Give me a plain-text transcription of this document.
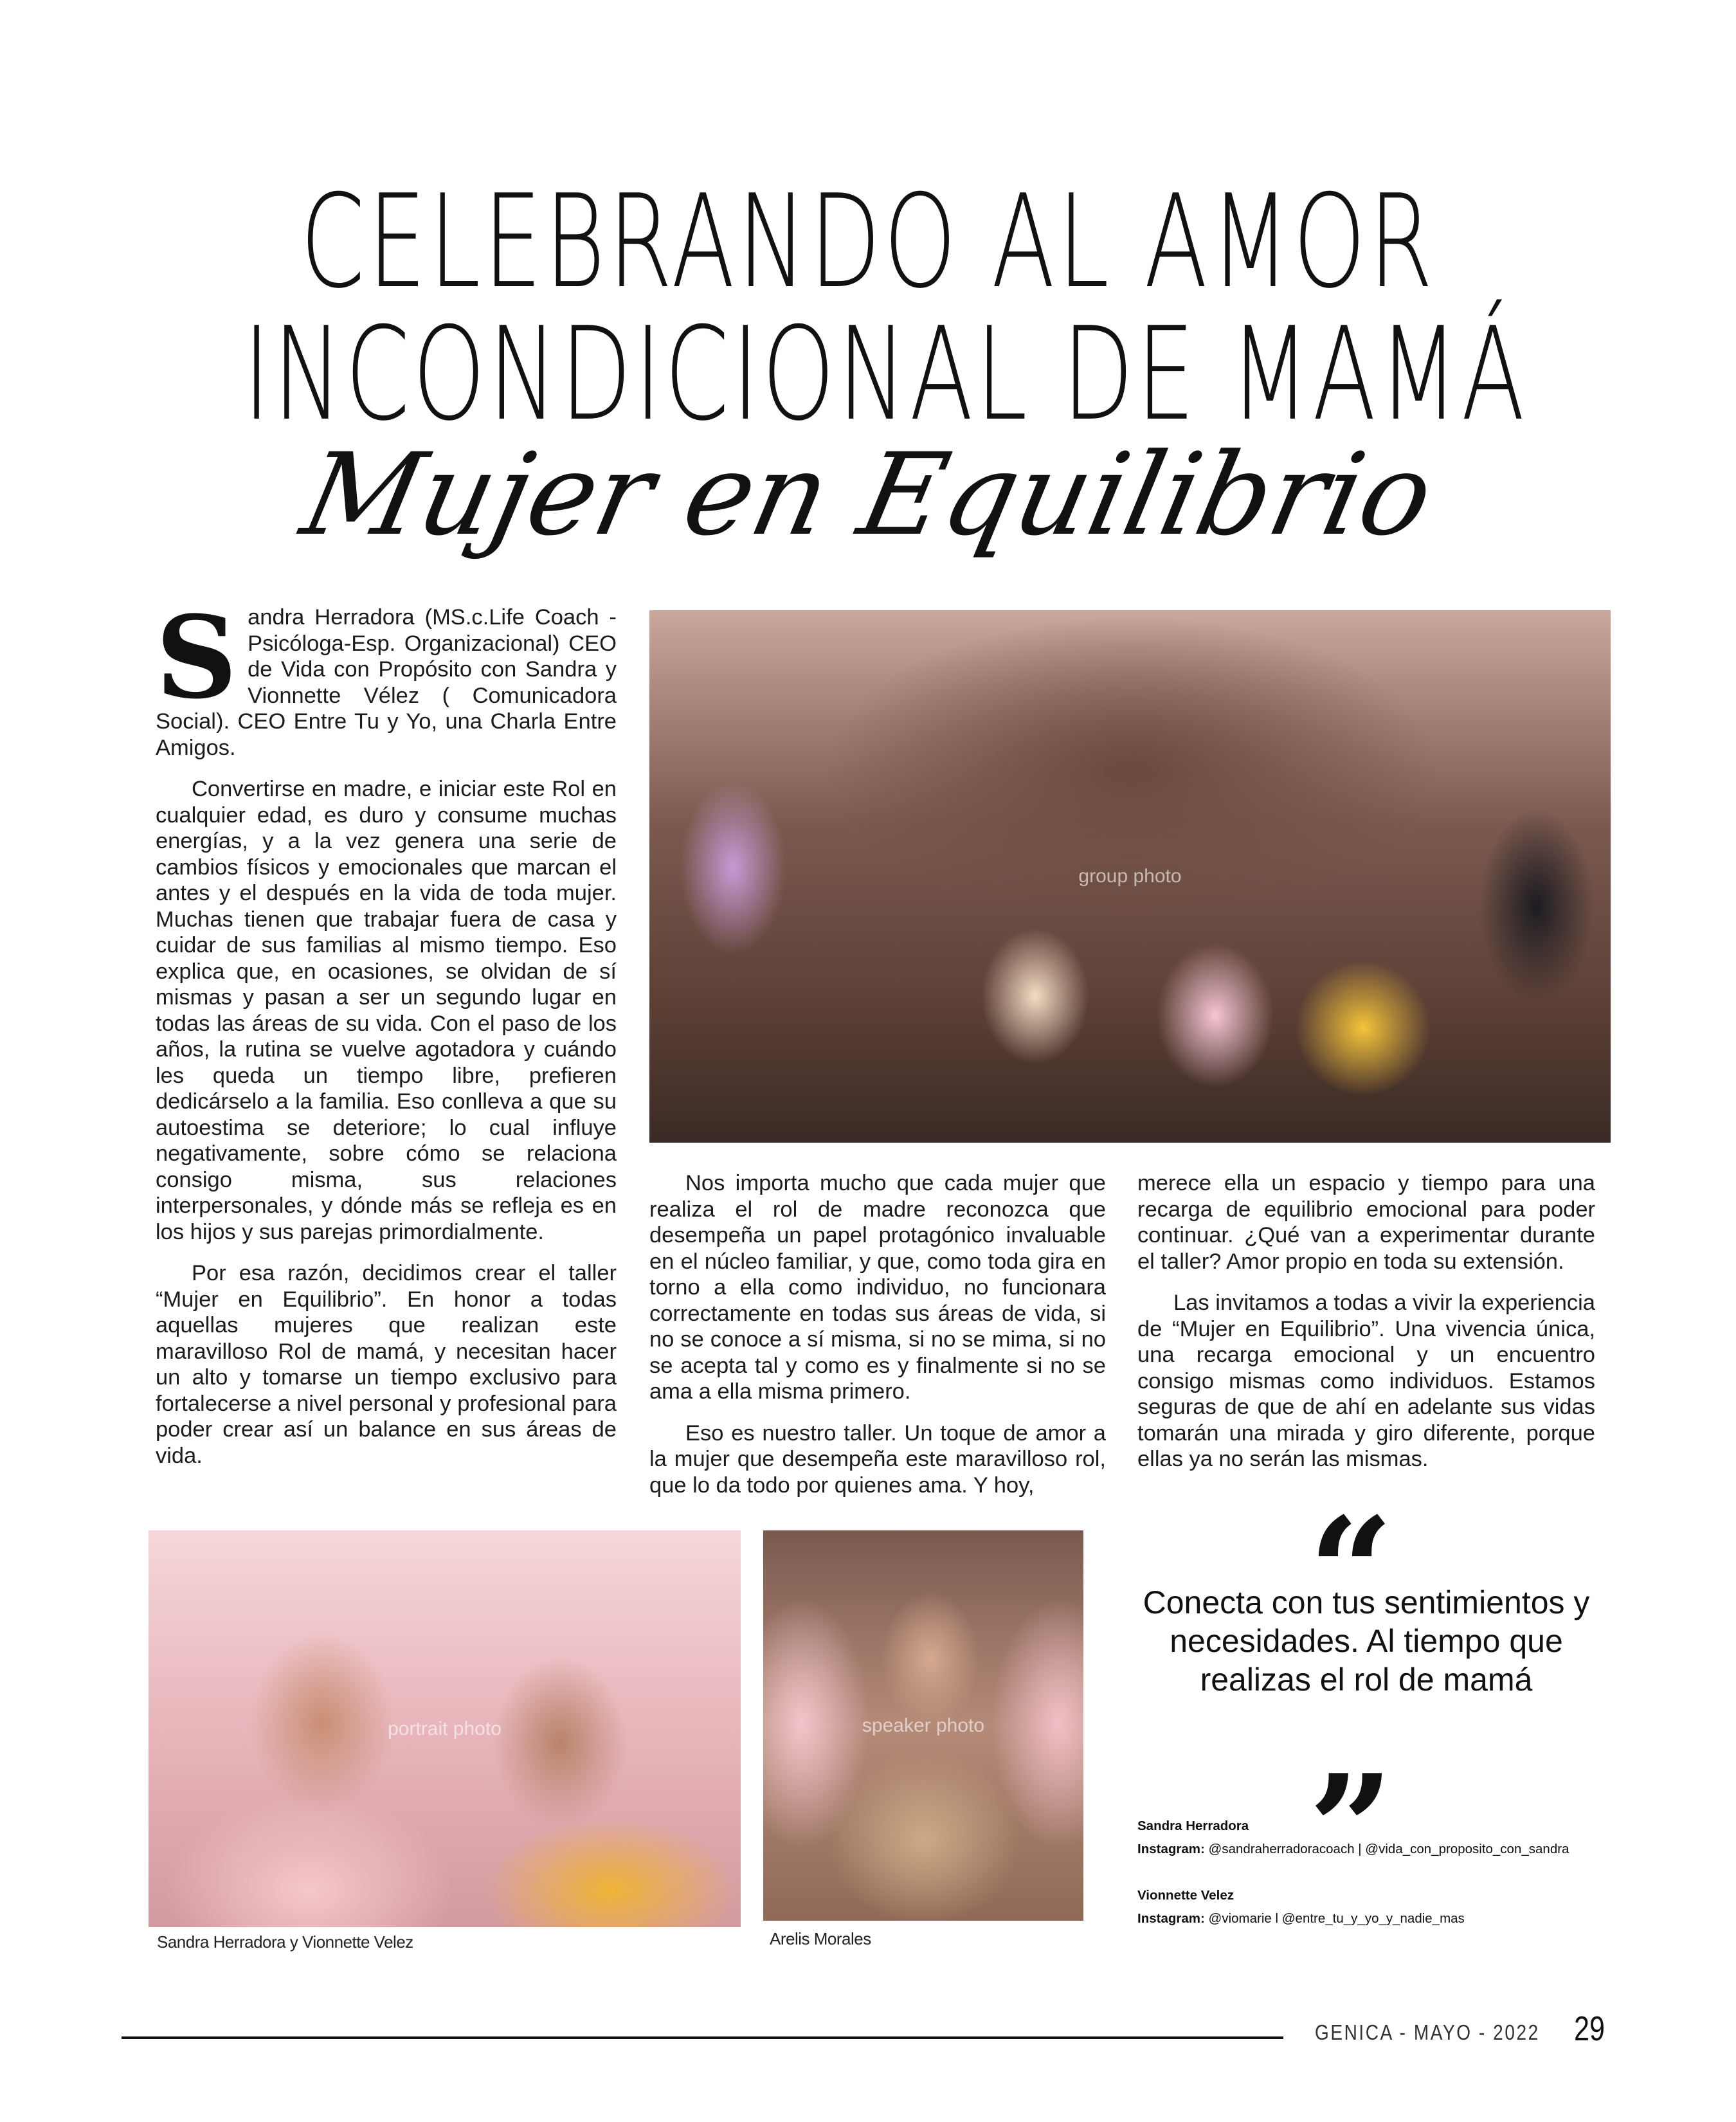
CELEBRANDO AL AMOR
INCONDICIONAL DE MAMÁ
Mujer en Equilibrio

Sandra Herradora (MS.c.Life Coach -Psicóloga-Esp. Organizacional) CEO de Vida con Propósito con Sandra y Vionnette Vélez ( Comunicadora Social). CEO Entre Tu y Yo, una Charla Entre Amigos.

Convertirse en madre, e iniciar este Rol en cualquier edad, es duro y consume muchas energías, y a la vez genera una serie de cambios físicos y emocionales que marcan el antes y el después en la vida de toda mujer. Muchas tienen que trabajar fuera de casa y cuidar de sus familias al mismo tiempo. Eso explica que, en ocasiones, se olvidan de sí mismas y pasan a ser un segundo lugar en todas las áreas de su vida. Con el paso de los años, la rutina se vuelve agotadora y cuándo les queda un tiempo libre, prefieren dedicárselo a la familia. Eso conlleva a que su autoestima se deteriore; lo cual influye negativamente, sobre cómo se relaciona consigo misma, sus relaciones interpersonales, y dónde más se refleja es en los hijos y sus parejas primordialmente.

Por esa razón, decidimos crear el taller “Mujer en Equilibrio”. En honor a todas aquellas mujeres que realizan este maravilloso Rol de mamá, y necesitan hacer un alto y tomarse un tiempo exclusivo para fortalecerse a nivel personal y profesional para poder crear así un balance en sus áreas de vida.

group photo

Nos importa mucho que cada mujer que realiza el rol de madre reconozca que desempeña un papel protagónico invaluable en el núcleo familiar, y que, como toda gira en torno a ella como individuo, no funcionara correctamente en todas sus áreas de vida, si no se conoce a sí misma, si no se mima, si no se acepta tal y como es y finalmente si no se ama a ella misma primero.

Eso es nuestro taller. Un toque de amor a la mujer que desempeña este maravilloso rol, que lo da todo por quienes ama. Y hoy,

merece ella un espacio y tiempo para una recarga de equilibrio emocional para poder continuar. ¿Qué van a experimentar durante el taller? Amor propio en toda su extensión.

Las invitamos a todas a vivir la experiencia de “Mujer en Equilibrio”. Una vivencia única, una recarga emocional y un encuentro consigo mismas como individuos. Estamos seguras de que de ahí en adelante sus vidas tomarán una mirada y giro diferente, porque ellas ya no serán las mismas.

portrait photo
Sandra Herradora y Vionnette Velez
speaker photo
Arelis Morales
“
Conecta con tus sentimientos y necesidades. Al tiempo que realizas el rol de mamá
”
Sandra Herradora
Instagram: @sandraherradoracoach | @vida_con_proposito_con_sandra
Vionnette Velez
Instagram: @viomarie l @entre_tu_y_yo_y_nadie_mas
GENICA - MAYO - 2022 29
